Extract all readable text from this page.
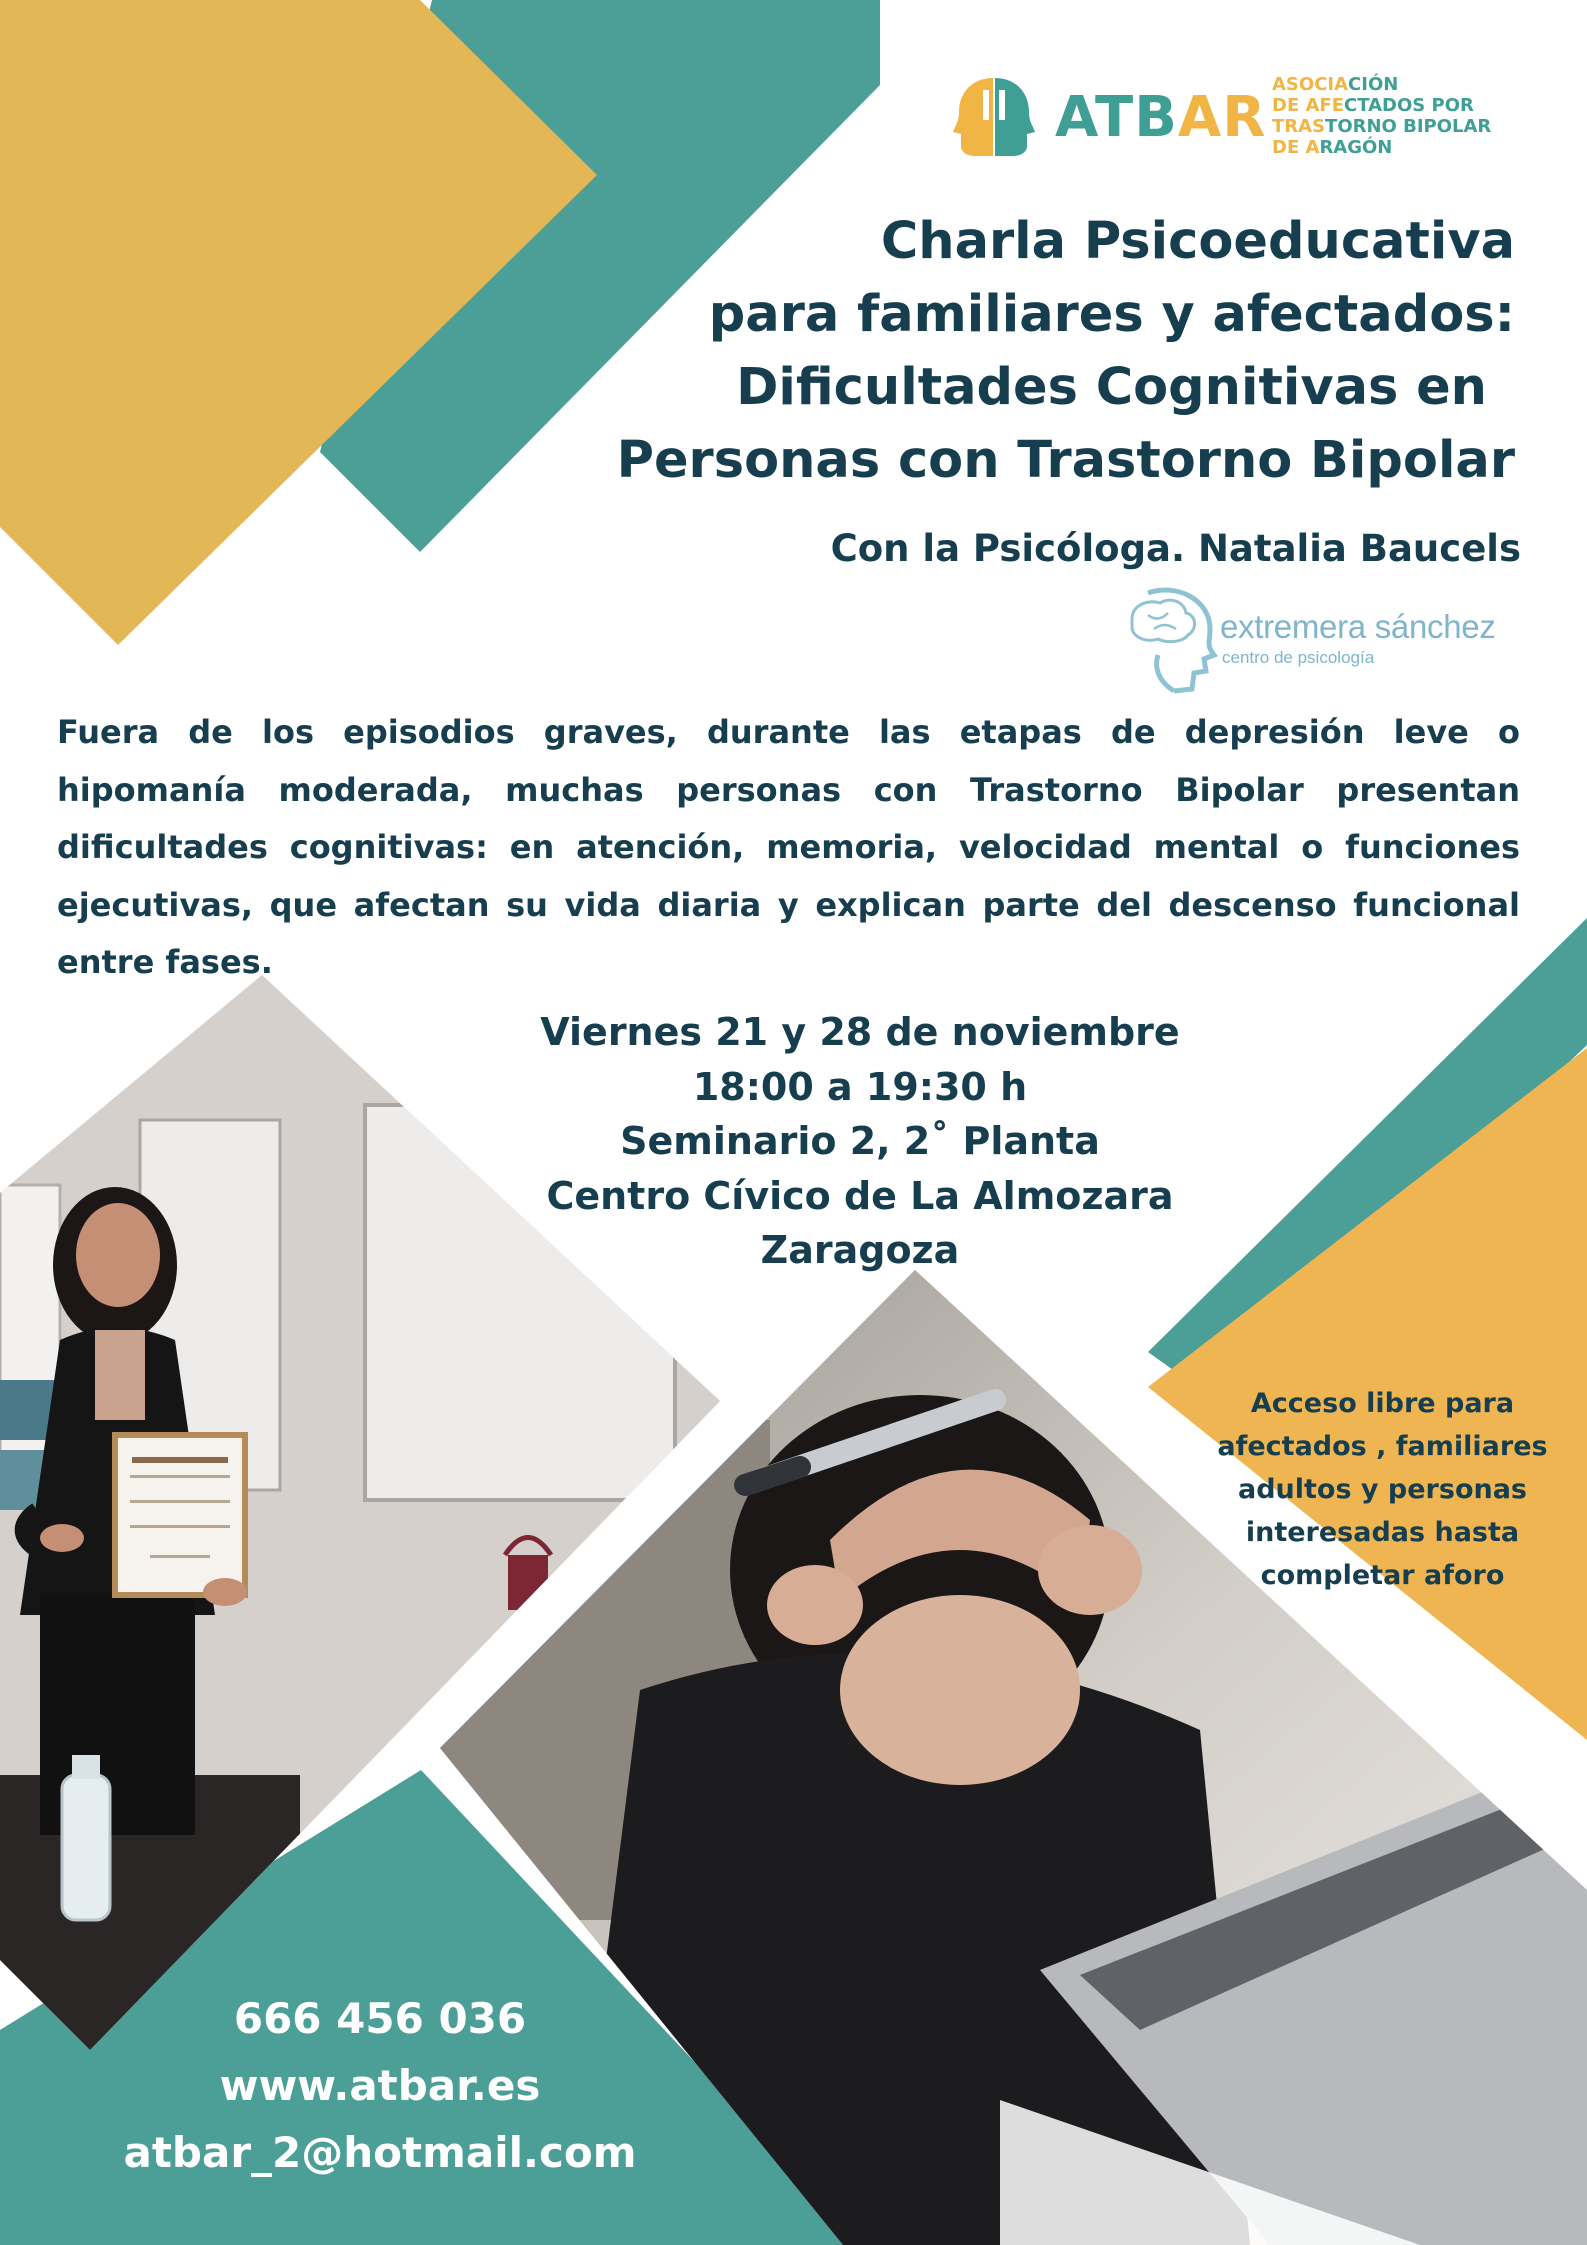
ATBAR
ASOCIACIÓN
DE AFECTADOS POR
TRASTORNO BIPOLAR
DE ARAGÓN
Charla Psicoeducativa
para familiares y afectados:
Dificultades Cognitivas en
Personas con Trastorno Bipolar
Con la Psicóloga. Natalia Baucels
extremera sánchez
centro de psicología
Fuera de los episodios graves, durante las etapas de depresión leve o hipomanía moderada, muchas personas con Trastorno Bipolar presentan dificultades cognitivas: en atención, memoria, velocidad mental o funciones ejecutivas, que afectan su vida diaria y explican parte del descenso funcional entre fases.
Viernes 21 y 28 de noviembre
18:00 a 19:30 h
Seminario 2, 2˚ Planta
Centro Cívico de La Almozara
Zaragoza
Acceso libre para
afectados , familiares
adultos y personas
interesadas hasta
completar aforo
666 456 036
www.atbar.es
atbar_2@hotmail.com
